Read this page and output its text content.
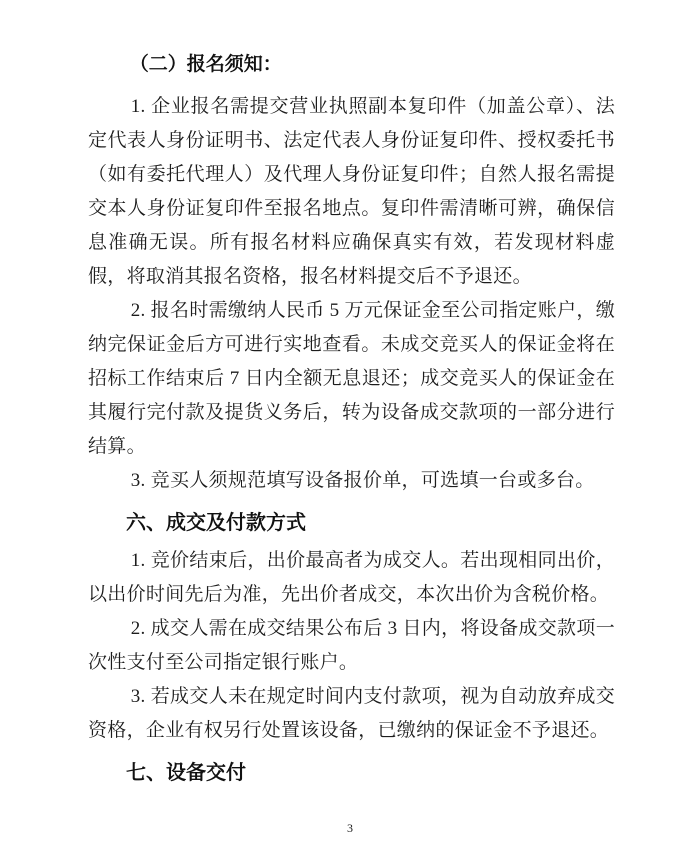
（二）报名须知：

1. 企业报名需提交营业执照副本复印件（加盖公章）、法定代表人身份证明书、法定代表人身份证复印件、授权委托书（如有委托代理人）及代理人身份证复印件；自然人报名需提交本人身份证复印件至报名地点。复印件需清晰可辨，确保信息准确无误。所有报名材料应确保真实有效，若发现材料虚假，将取消其报名资格，报名材料提交后不予退还。

2. 报名时需缴纳人民币 5 万元保证金至公司指定账户，缴纳完保证金后方可进行实地查看。未成交竞买人的保证金将在招标工作结束后 7 日内全额无息退还；成交竞买人的保证金在其履行完付款及提货义务后，转为设备成交款项的一部分进行结算。

3. 竞买人须规范填写设备报价单，可选填一台或多台。

六、成交及付款方式

1. 竞价结束后，出价最高者为成交人。若出现相同出价，以出价时间先后为准，先出价者成交，本次出价为含税价格。

2. 成交人需在成交结果公布后 3 日内，将设备成交款项一次性支付至公司指定银行账户。

3. 若成交人未在规定时间内支付款项，视为自动放弃成交资格，企业有权另行处置该设备，已缴纳的保证金不予退还。

七、设备交付
3
